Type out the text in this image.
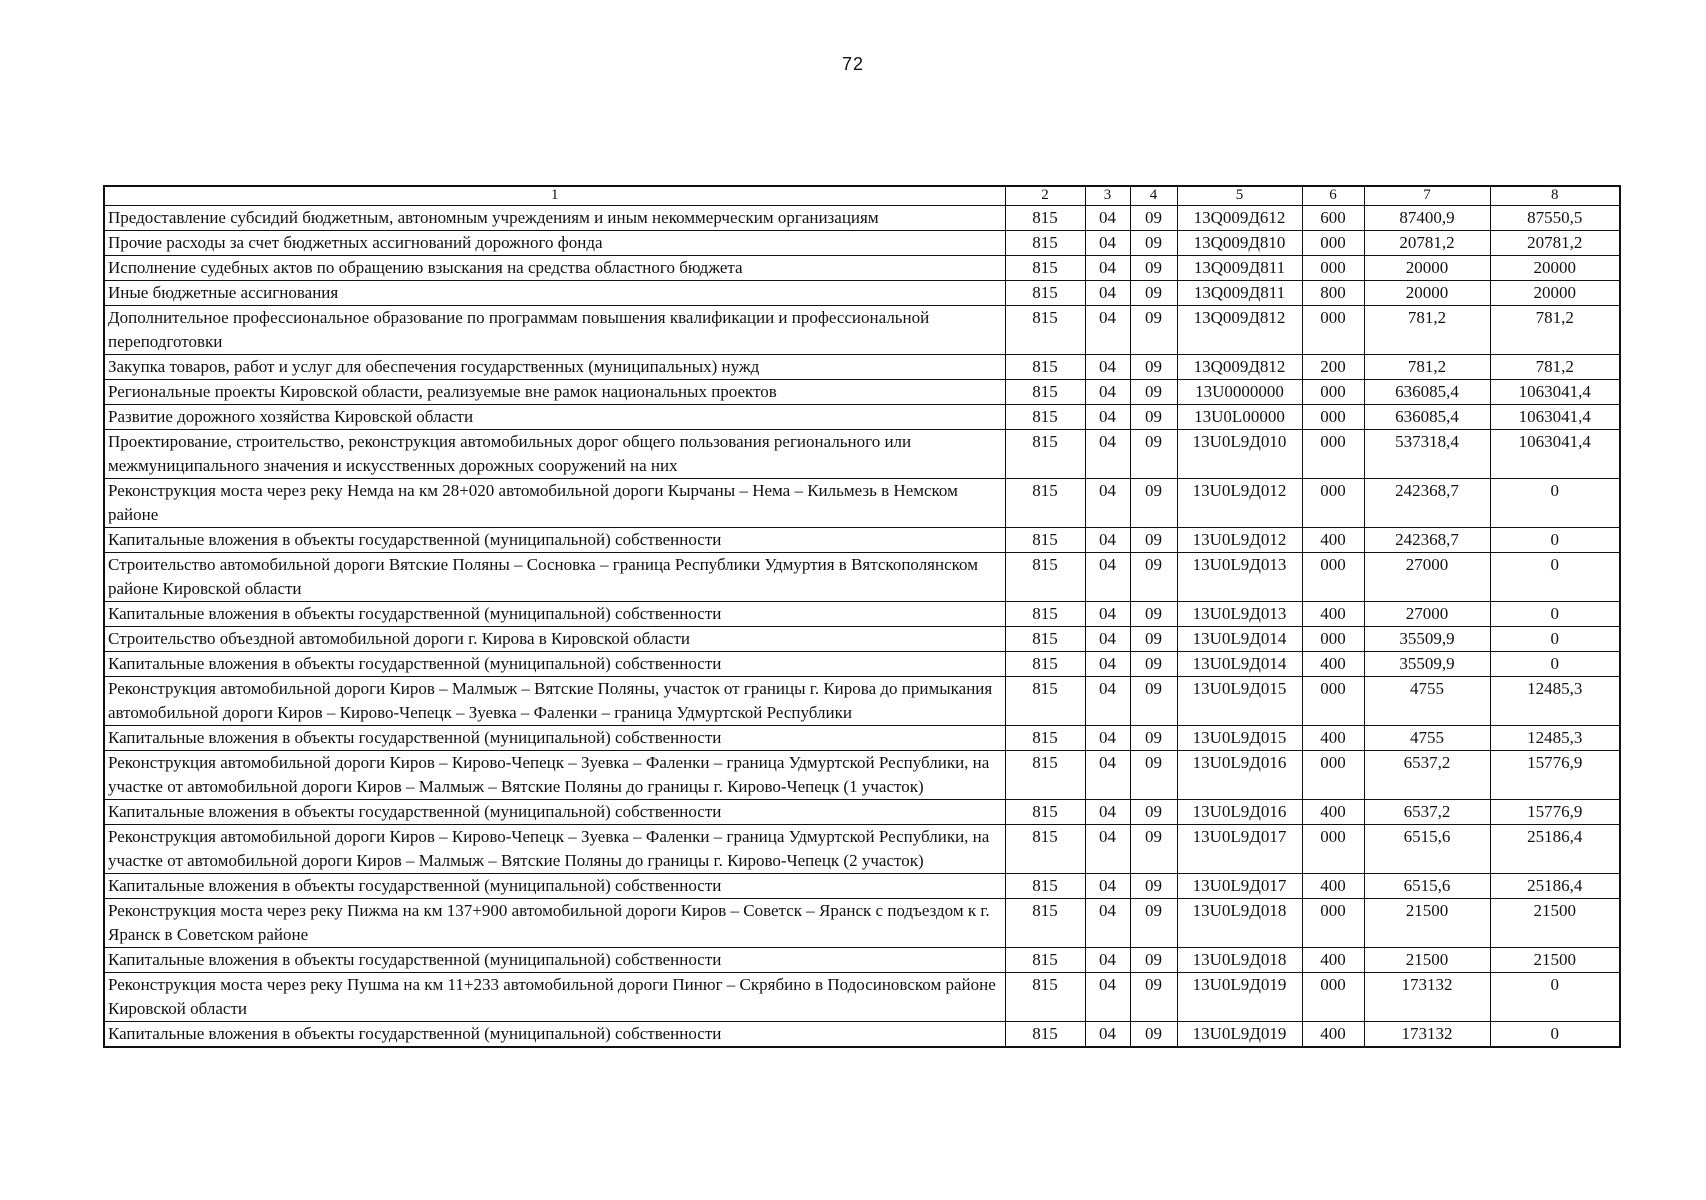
72
1	2	3	4	5	6	7	8
Предоставление субсидий бюджетным, автономным учреждениям и иным некоммерческим организациям	815	04	09	13Q009Д612	600	87400,9	87550,5
Прочие расходы за счет бюджетных ассигнований дорожного фонда	815	04	09	13Q009Д810	000	20781,2	20781,2
Исполнение судебных актов по обращению взыскания на средства областного бюджета	815	04	09	13Q009Д811	000	20000	20000
Иные бюджетные ассигнования	815	04	09	13Q009Д811	800	20000	20000
Дополнительное профессиональное образование по программам повышения квалификации и профессиональной переподготовки	815	04	09	13Q009Д812	000	781,2	781,2
Закупка товаров, работ и услуг для обеспечения государственных (муниципальных) нужд	815	04	09	13Q009Д812	200	781,2	781,2
Региональные проекты Кировской области, реализуемые вне рамок национальных проектов	815	04	09	13U0000000	000	636085,4	1063041,4
Развитие дорожного хозяйства Кировской области	815	04	09	13U0L00000	000	636085,4	1063041,4
Проектирование, строительство, реконструкция автомобильных дорог общего пользования регионального или межмуниципального значения и искусственных дорожных сооружений на них	815	04	09	13U0L9Д010	000	537318,4	1063041,4
Реконструкция моста через реку Немда на км 28+020 автомобильной дороги Кырчаны – Нема – Кильмезь в Немском районе	815	04	09	13U0L9Д012	000	242368,7	0
Капитальные вложения в объекты государственной (муниципальной) собственности	815	04	09	13U0L9Д012	400	242368,7	0
Строительство автомобильной дороги Вятские Поляны – Сосновка – граница Республики Удмуртия в Вятскополянском районе Кировской области	815	04	09	13U0L9Д013	000	27000	0
Капитальные вложения в объекты государственной (муниципальной) собственности	815	04	09	13U0L9Д013	400	27000	0
Строительство объездной автомобильной дороги г. Кирова в Кировской области	815	04	09	13U0L9Д014	000	35509,9	0
Капитальные вложения в объекты государственной (муниципальной) собственности	815	04	09	13U0L9Д014	400	35509,9	0
Реконструкция автомобильной дороги Киров – Малмыж – Вятские Поляны, участок от границы г. Кирова до примыкания автомобильной дороги Киров – Кирово-Чепецк – Зуевка – Фаленки – граница Удмуртской Республики	815	04	09	13U0L9Д015	000	4755	12485,3
Капитальные вложения в объекты государственной (муниципальной) собственности	815	04	09	13U0L9Д015	400	4755	12485,3
Реконструкция автомобильной дороги Киров – Кирово-Чепецк – Зуевка – Фаленки – граница Удмуртской Республики, на участке от автомобильной дороги Киров – Малмыж – Вятские Поляны до границы г. Кирово-Чепецк (1 участок)	815	04	09	13U0L9Д016	000	6537,2	15776,9
Капитальные вложения в объекты государственной (муниципальной) собственности	815	04	09	13U0L9Д016	400	6537,2	15776,9
Реконструкция автомобильной дороги Киров – Кирово-Чепецк – Зуевка – Фаленки – граница Удмуртской Республики, на участке от автомобильной дороги Киров – Малмыж – Вятские Поляны до границы г. Кирово-Чепецк (2 участок)	815	04	09	13U0L9Д017	000	6515,6	25186,4
Капитальные вложения в объекты государственной (муниципальной) собственности	815	04	09	13U0L9Д017	400	6515,6	25186,4
Реконструкция моста через реку Пижма на км 137+900 автомобильной дороги Киров – Советск – Яранск с подъездом к г. Яранск в Советском районе	815	04	09	13U0L9Д018	000	21500	21500
Капитальные вложения в объекты государственной (муниципальной) собственности	815	04	09	13U0L9Д018	400	21500	21500
Реконструкция моста через реку Пушма на км 11+233 автомобильной дороги Пинюг – Скрябино в Подосиновском районе Кировской области	815	04	09	13U0L9Д019	000	173132	0
Капитальные вложения в объекты государственной (муниципальной) собственности	815	04	09	13U0L9Д019	400	173132	0
